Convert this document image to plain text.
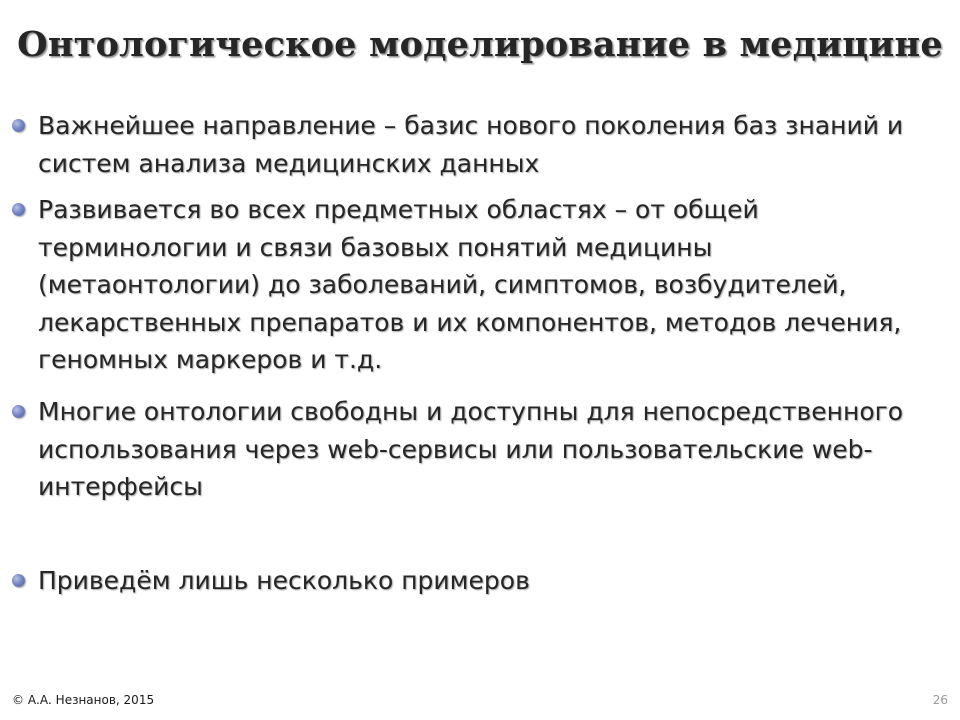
Онтологическое моделирование в медицине
Важнейшее направление – базис нового поколения баз знаний и систем анализа медицинских данных
Развивается во всех предметных областях – от общей терминологии и связи базовых понятий медицины (метаонтологии) до заболеваний, симптомов, возбудителей, лекарственных препаратов и их компонентов, методов лечения, геномных маркеров и т.д.
Многие онтологии свободны и доступны для непосредственного использования через web-сервисы или пользовательские web-интерфейсы
Приведём лишь несколько примеров
© А.А. Незнанов, 2015	26
